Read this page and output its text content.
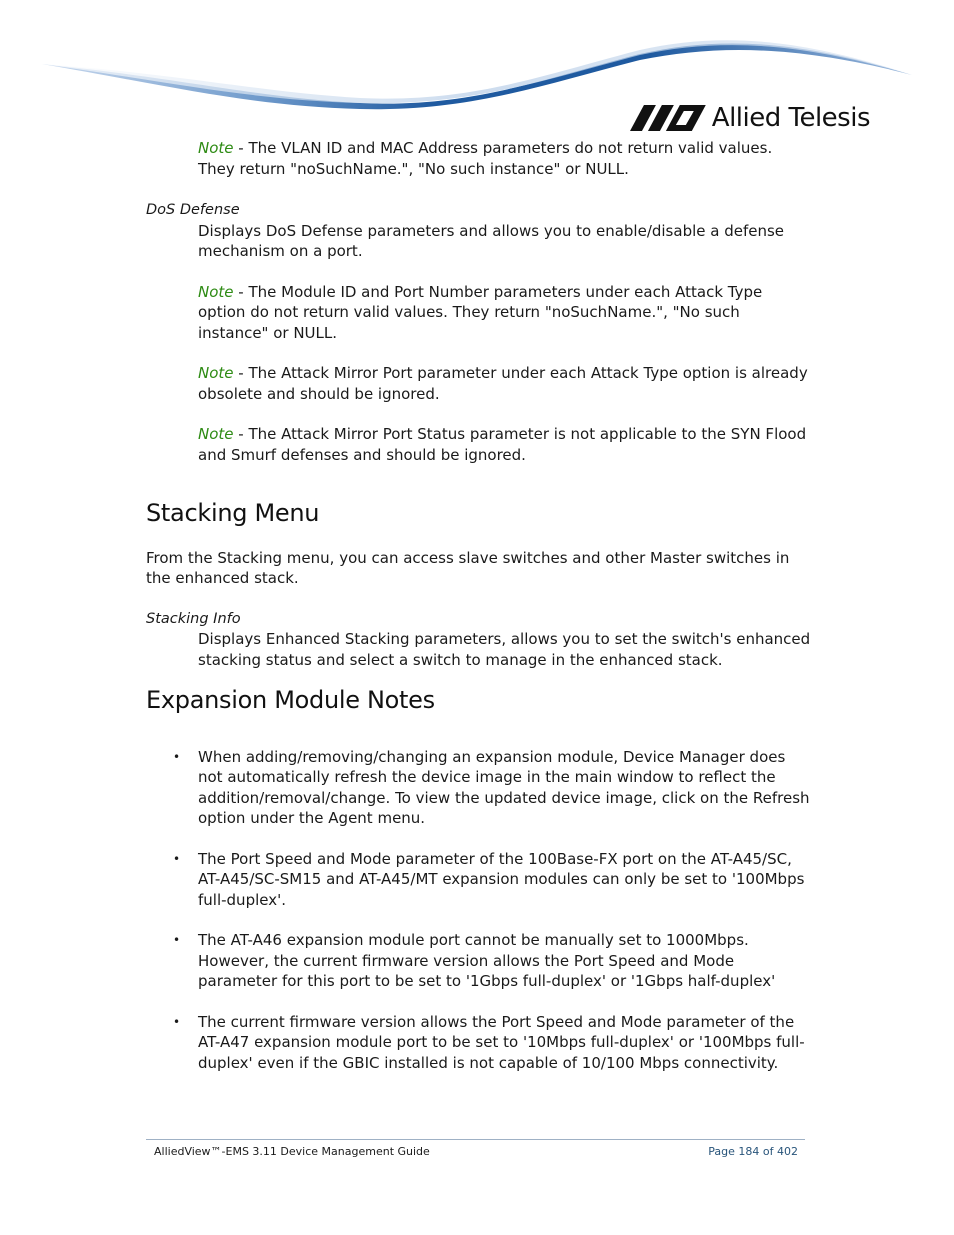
Allied Telesis

Note - The VLAN ID and MAC Address parameters do not return valid values. They return "noSuchName.", "No such instance" or NULL.

DoS Defense

Displays DoS Defense parameters and allows you to enable/disable a defense mechanism on a port.

Note - The Module ID and Port Number parameters under each Attack Type option do not return valid values. They return "noSuchName.", "No such instance" or NULL.

Note - The Attack Mirror Port parameter under each Attack Type option is already obsolete and should be ignored.

Note - The Attack Mirror Port Status parameter is not applicable to the SYN Flood and Smurf defenses and should be ignored.

Stacking Menu

From the Stacking menu, you can access slave switches and other Master switches in the enhanced stack.

Stacking Info

Displays Enhanced Stacking parameters, allows you to set the switch's enhanced stacking status and select a switch to manage in the enhanced stack.

Expansion Module Notes
• When adding/removing/changing an expansion module, Device Manager does not automatically refresh the device image in the main window to reflect the addition/removal/change. To view the updated device image, click on the Refresh option under the Agent menu.
• The Port Speed and Mode parameter of the 100Base-FX port on the AT-A45/SC, AT-A45/SC-SM15 and AT-A45/MT expansion modules can only be set to '100Mbps full-duplex'.
• The AT-A46 expansion module port cannot be manually set to 1000Mbps. However, the current firmware version allows the Port Speed and Mode parameter for this port to be set to '1Gbps full-duplex' or '1Gbps half-duplex'
• The current firmware version allows the Port Speed and Mode parameter of the AT-A47 expansion module port to be set to '10Mbps full-duplex' or '100Mbps full-duplex' even if the GBIC installed is not capable of 10/100 Mbps connectivity.
AlliedView™-EMS 3.11 Device Management Guide	Page 184 of 402
